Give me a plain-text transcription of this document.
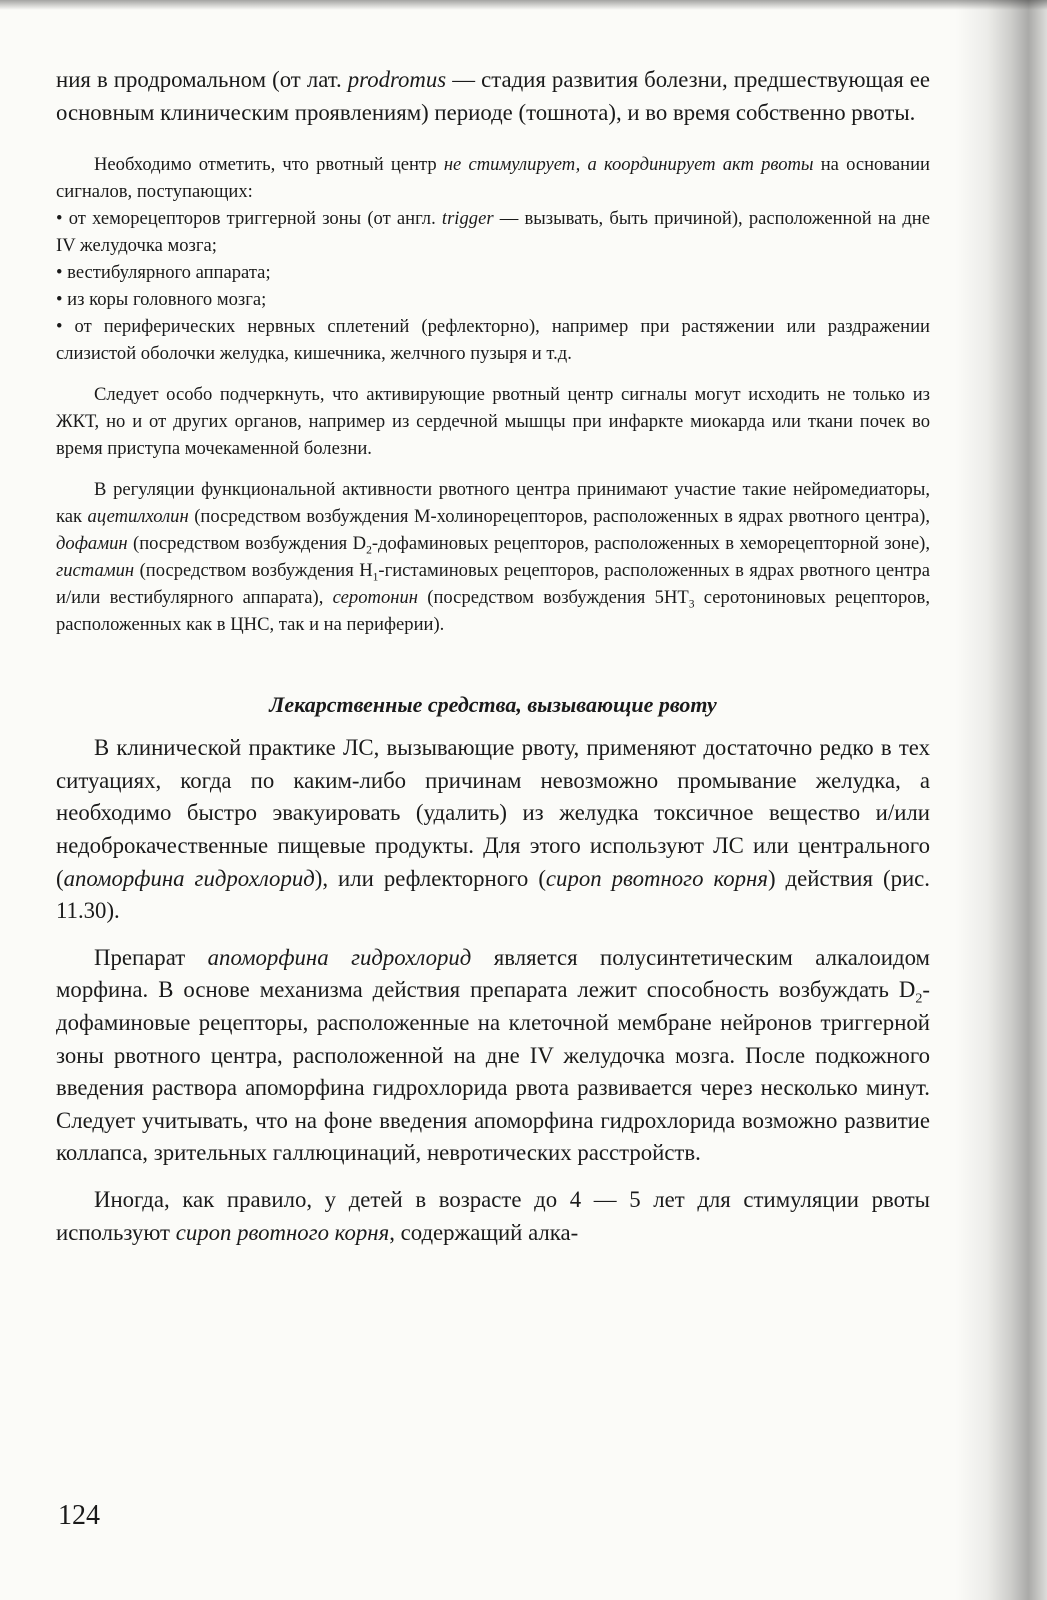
ния в продромальном (от лат. prodromus — стадия развития болезни, предшествующая ее основным клиническим проявлениям) периоде (тошнота), и во время собственно рвоты.

Необходимо отметить, что рвотный центр не стимулирует, а координирует акт рвоты на основании сигналов, поступающих:

• от хеморецепторов триггерной зоны (от англ. trigger — вызывать, быть причиной), расположенной на дне IV желудочка мозга;

• вестибулярного аппарата;

• из коры головного мозга;

• от периферических нервных сплетений (рефлекторно), например при растяжении или раздражении слизистой оболочки желудка, кишечника, желчного пузыря и т.д.

Следует особо подчеркнуть, что активирующие рвотный центр сигналы могут исходить не только из ЖКТ, но и от других органов, например из сердечной мышцы при инфаркте миокарда или ткани почек во время приступа мочекаменной болезни.

В регуляции функциональной активности рвотного центра принимают участие такие нейромедиаторы, как ацетилхолин (посредством возбуждения М-холинорецепторов, расположенных в ядрах рвотного центра), дофамин (посредством возбуждения $D_2$-дофаминовых рецепторов, расположенных в хеморецепторной зоне), гистамин (посредством возбуждения $H_1$-гистаминовых рецепторов, расположенных в ядрах рвотного центра и/или вестибулярного аппарата), серотонин (посредством возбуждения $5HT_3$ серотониновых рецепторов, расположенных как в ЦНС, так и на периферии).

Лекарственные средства, вызывающие рвоту

В клинической практике ЛС, вызывающие рвоту, применяют достаточно редко в тех ситуациях, когда по каким-либо причинам невозможно промывание желудка, а необходимо быстро эвакуировать (удалить) из желудка токсичное вещество и/или недоброкачественные пищевые продукты. Для этого используют ЛС или центрального (апоморфина гидрохлорид), или рефлекторного (сироп рвотного корня) действия (рис. 11.30).

Препарат апоморфина гидрохлорид является полусинтетическим алкалоидом морфина. В основе механизма действия препарата лежит способность возбуждать $D_2$-дофаминовые рецепторы, расположенные на клеточной мембране нейронов триггерной зоны рвотного центра, расположенной на дне IV желудочка мозга. После подкожного введения раствора апоморфина гидрохлорида рвота развивается через несколько минут. Следует учитывать, что на фоне введения апоморфина гидрохлорида возможно развитие коллапса, зрительных галлюцинаций, невротических расстройств.

Иногда, как правило, у детей в возрасте до 4 — 5 лет для стимуляции рвоты используют сироп рвотного корня, содержащий алка-

124
